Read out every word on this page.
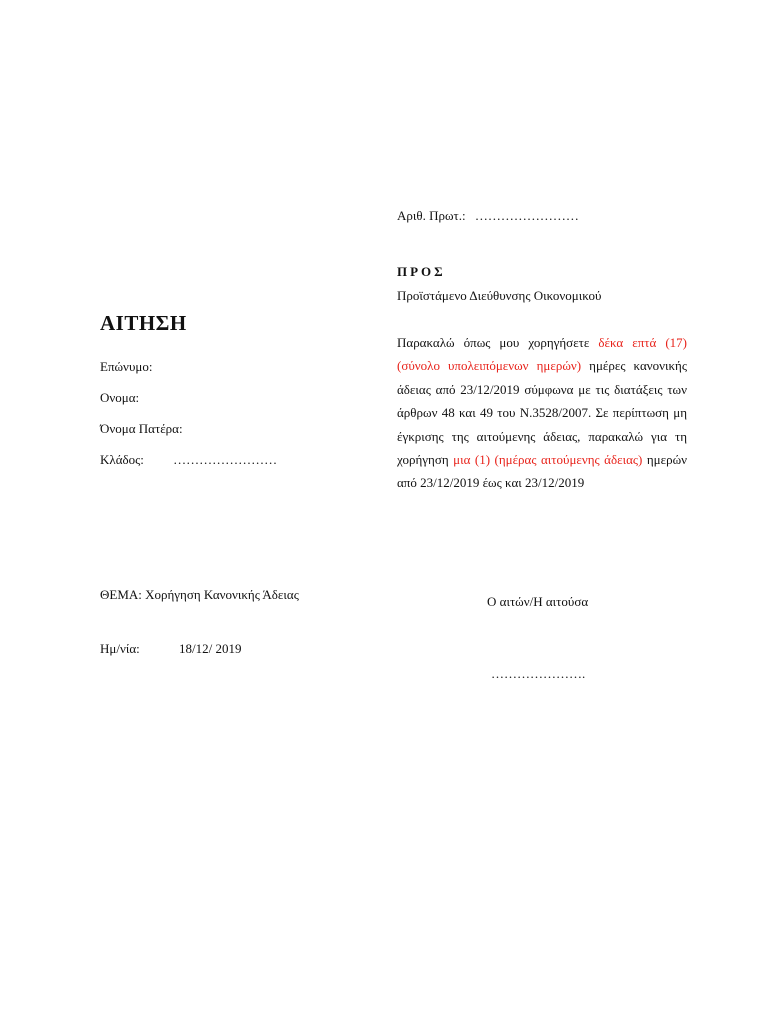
Αριθ. Πρωτ.: ……………………
ΠΡΟΣ
Προϊστάμενο Διεύθυνσης Οικονομικού
ΑΙΤΗΣΗ
Επώνυμο:
Ονομα:
Όνομα Πατέρα:
Κλάδος: ……………………
Παρακαλώ όπως μου χορηγήσετε δέκα επτά (17) (σύνολο υπολειπόμενων ημερών) ημέρες κανονικής άδειας από 23/12/2019 σύμφωνα με τις διατάξεις των άρθρων 48 και 49 του Ν.3528/2007. Σε περίπτωση μη έγκρισης της αιτούμενης άδειας, παρακαλώ για τη χορήγηση μια (1) (ημέρας αιτούμενης άδειας) ημερών από 23/12/2019 έως και 23/12/2019
ΘΕΜΑ: Χορήγηση Κανονικής Άδειας
Ημ/νία:	18/12/ 2019
Ο αιτών/Η αιτούσα
………………….
